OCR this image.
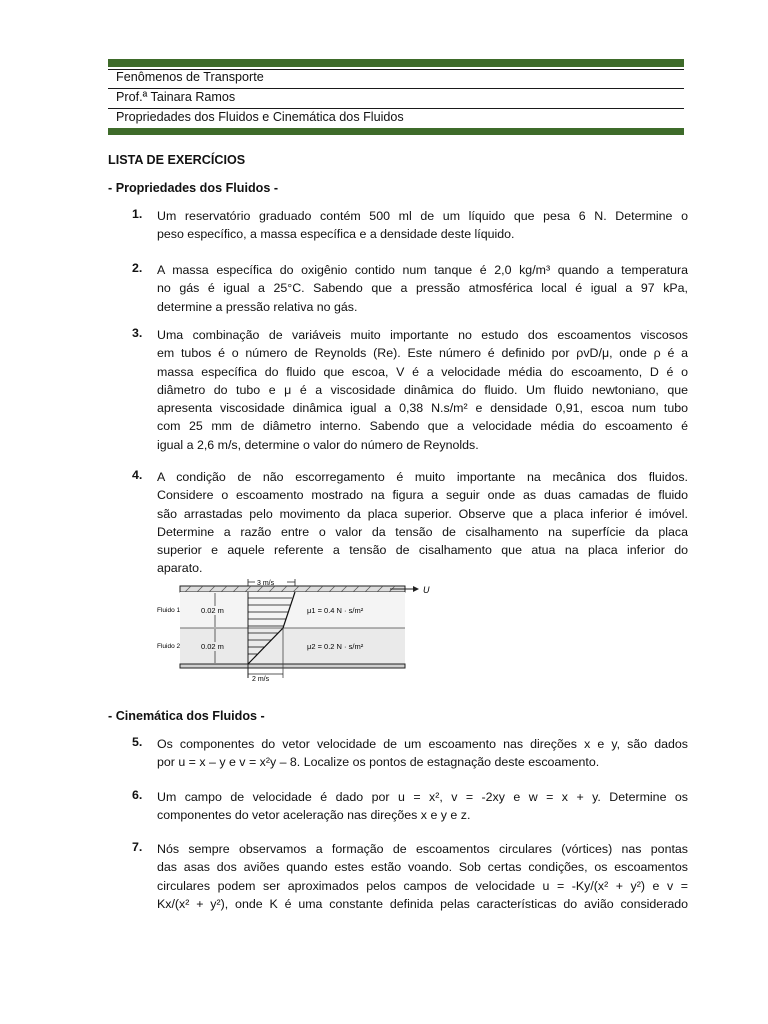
Fenômenos de Transporte
Prof.ª Tainara Ramos
Propriedades dos Fluidos e Cinemática dos Fluidos
LISTA DE EXERCÍCIOS
- Propriedades dos Fluidos -
1. Um reservatório graduado contém 500 ml de um líquido que pesa 6 N. Determine o
peso específico, a massa específica e a densidade deste líquido.
2. A massa específica do oxigênio contido num tanque é 2,0 kg/m³ quando a temperatura
no gás é igual a 25°C. Sabendo que a pressão atmosférica local é igual a 97 kPa,
determine a pressão relativa no gás.
3. Uma combinação de variáveis muito importante no estudo dos escoamentos viscosos
em tubos é o número de Reynolds (Re). Este número é definido por ρvD/μ, onde ρ é a
massa específica do fluido que escoa, V é a velocidade média do escoamento, D é o
diâmetro do tubo e μ é a viscosidade dinâmica do fluido. Um fluido newtoniano, que
apresenta viscosidade dinâmica igual a 0,38 N.s/m² e densidade 0,91, escoa num tubo
com 25 mm de diâmetro interno. Sabendo que a velocidade média do escoamento é
igual a 2,6 m/s, determine o valor do número de Reynolds.
4. A condição de não escorregamento é muito importante na mecânica dos fluidos.
Considere o escoamento mostrado na figura a seguir onde as duas camadas de fluido
são arrastadas pelo movimento da placa superior. Observe que a placa inferior é imóvel.
Determine a razão entre o valor da tensão de cisalhamento na superfície da placa
superior e aquele referente a tensão de cisalhamento que atua na placa inferior do
aparato.
U
3 m/s
0.02 m
0.02 m
Fluido 1
Fluido 2
μ1 = 0.4 N · s/m²
μ2 = 0.2 N · s/m²
2 m/s
- Cinemática dos Fluidos -
5. Os componentes do vetor velocidade de um escoamento nas direções x e y, são dados
por u = x – y e v = x²y – 8. Localize os pontos de estagnação deste escoamento.
6. Um campo de velocidade é dado por u = x², v = -2xy e w = x + y. Determine os
componentes do vetor aceleração nas direções x e y e z.
7. Nós sempre observamos a formação de escoamentos circulares (vórtices) nas pontas
das asas dos aviões quando estes estão voando. Sob certas condições, os escoamentos
circulares podem ser aproximados pelos campos de velocidade u = -Ky/(x² + y²) e v =
Kx/(x² + y²), onde K é uma constante definida pelas características do avião considerado
